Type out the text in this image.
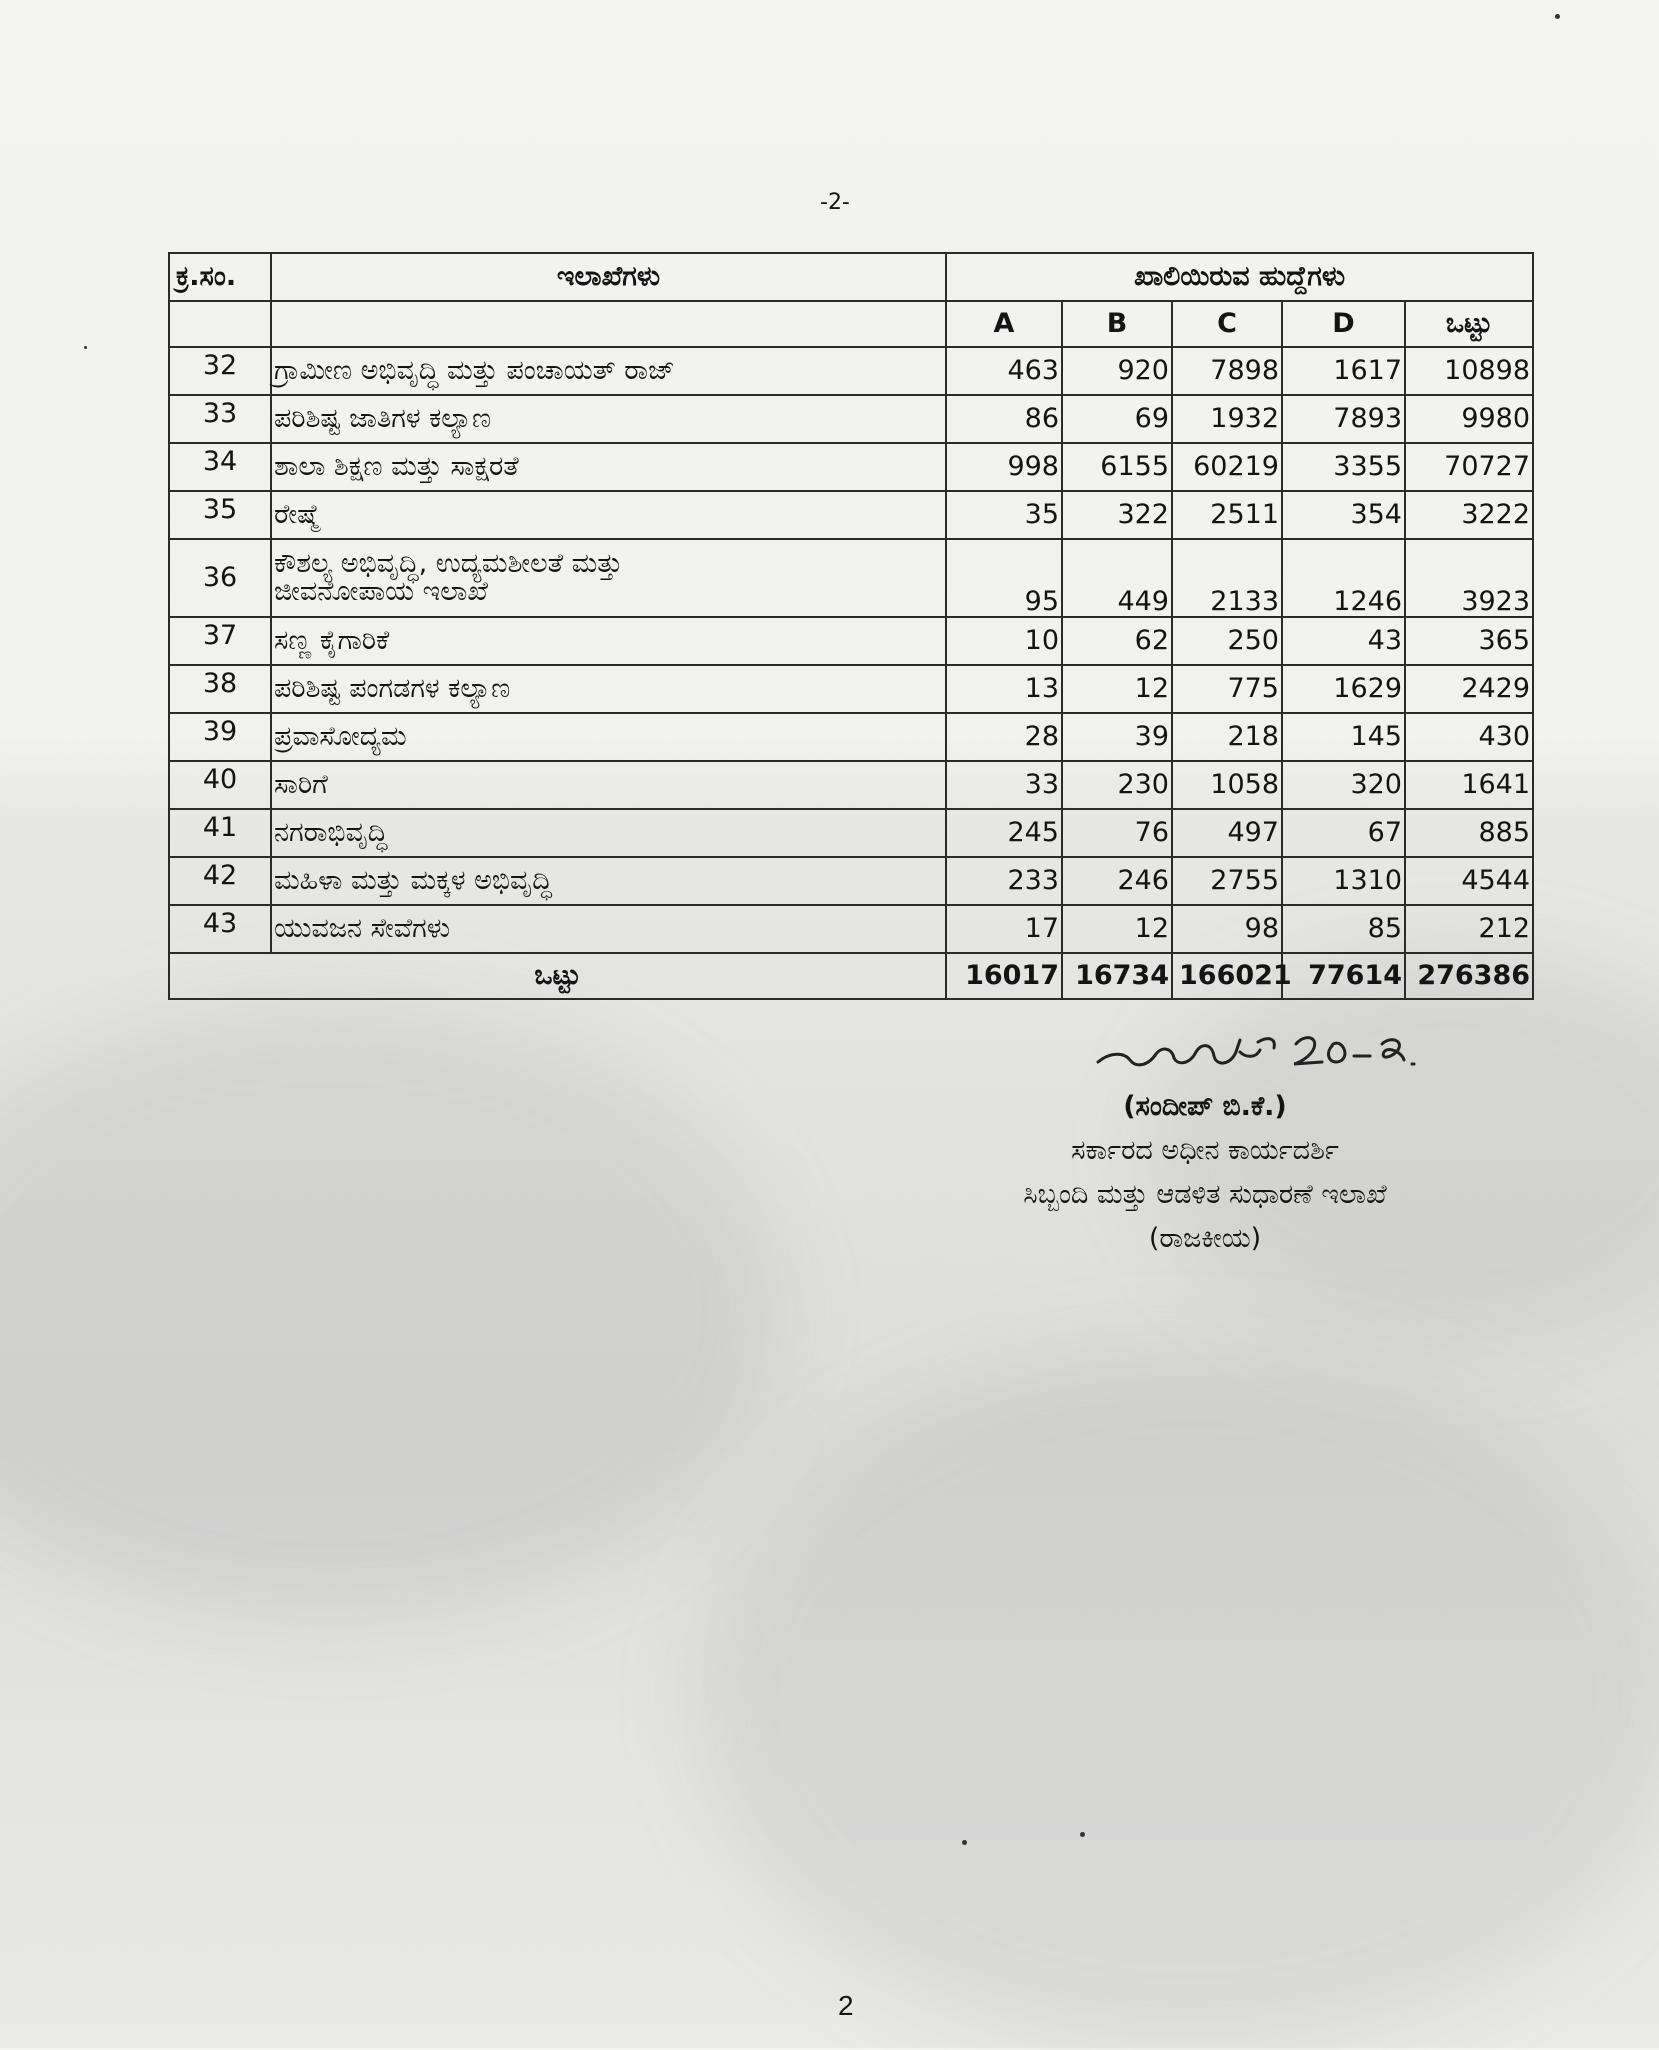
-2-
ಕ್ರ.ಸಂ.	ಇಲಾಖೆಗಳು	ಖಾಲಿಯಿರುವ ಹುದ್ದೆಗಳು				
		A	B	C	D	ಒಟ್ಟು
32	ಗ್ರಾಮೀಣ ಅಭಿವೃದ್ಧಿ ಮತ್ತು ಪಂಚಾಯತ್ ರಾಜ್	463	920	7898	1617	10898
33	ಪರಿಶಿಷ್ಟ ಜಾತಿಗಳ ಕಲ್ಯಾಣ	86	69	1932	7893	9980
34	ಶಾಲಾ ಶಿಕ್ಷಣ ಮತ್ತು ಸಾಕ್ಷರತೆ	998	6155	60219	3355	70727
35	ರೇಷ್ಮೆ	35	322	2511	354	3222
36	ಕೌಶಲ್ಯ ಅಭಿವೃದ್ಧಿ, ಉದ್ಯಮಶೀಲತೆ ಮತ್ತು
ಜೀವನೋಪಾಯ ಇಲಾಖೆ	95	449	2133	1246	3923
37	ಸಣ್ಣ ಕೈಗಾರಿಕೆ	10	62	250	43	365
38	ಪರಿಶಿಷ್ಟ ಪಂಗಡಗಳ ಕಲ್ಯಾಣ	13	12	775	1629	2429
39	ಪ್ರವಾಸೋದ್ಯಮ	28	39	218	145	430
40	ಸಾರಿಗೆ	33	230	1058	320	1641
41	ನಗರಾಭಿವೃದ್ಧಿ	245	76	497	67	885
42	ಮಹಿಳಾ ಮತ್ತು ಮಕ್ಕಳ ಅಭಿವೃದ್ಧಿ	233	246	2755	1310	4544
43	ಯುವಜನ ಸೇವೆಗಳು	17	12	98	85	212
ಒಟ್ಟು		16017	16734	166021	77614	276386
(ಸಂದೀಪ್ ಬಿ.ಕೆ.)
ಸರ್ಕಾರದ ಅಧೀನ ಕಾರ್ಯದರ್ಶಿ
ಸಿಬ್ಬಂದಿ ಮತ್ತು ಆಡಳಿತ ಸುಧಾರಣೆ ಇಲಾಖೆ
(ರಾಜಕೀಯ)
2
